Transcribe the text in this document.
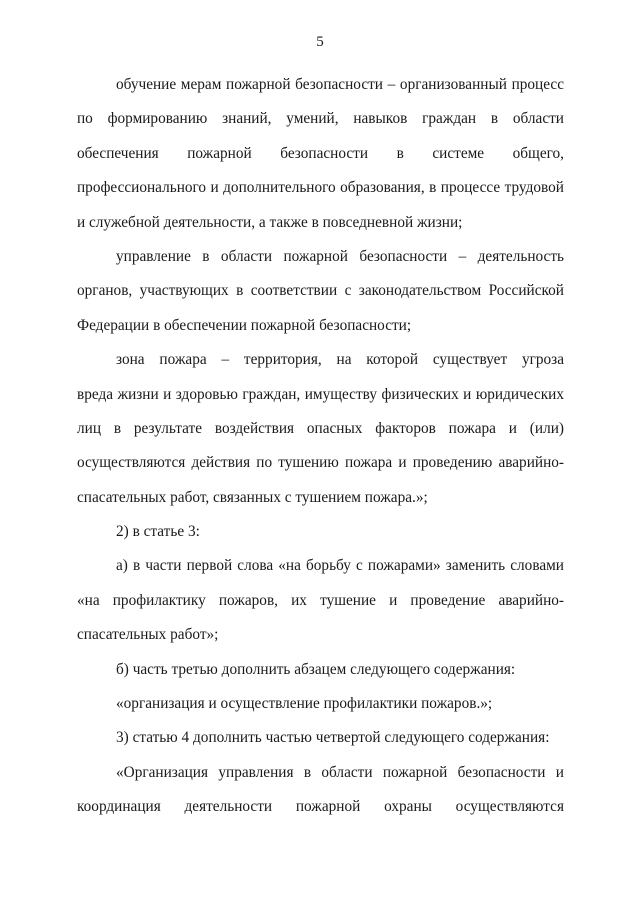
5
обучение мерам пожарной безопасности – организованный процесс
по формированию знаний, умений, навыков граждан в области
обеспечения пожарной безопасности в системе общего,
профессионального и дополнительного образования, в процессе трудовой
и служебной деятельности, а также в повседневной жизни;
управление в области пожарной безопасности – деятельность
органов, участвующих в соответствии с законодательством Российской
Федерации в обеспечении пожарной безопасности;
зона пожара – территория, на которой существует угроза
вреда жизни и здоровью граждан, имуществу физических и юридических
лиц в результате воздействия опасных факторов пожара и (или)
осуществляются действия по тушению пожара и проведению аварийно-
спасательных работ, связанных с тушением пожара.»;
2) в статье 3:
а) в части первой слова «на борьбу с пожарами» заменить словами
«на профилактику пожаров, их тушение и проведение аварийно-
спасательных работ»;
б) часть третью дополнить абзацем следующего содержания:
«организация и осуществление профилактики пожаров.»;
3) статью 4 дополнить частью четвертой следующего содержания:
«Организация управления в области пожарной безопасности и
координация деятельности пожарной охраны осуществляются
